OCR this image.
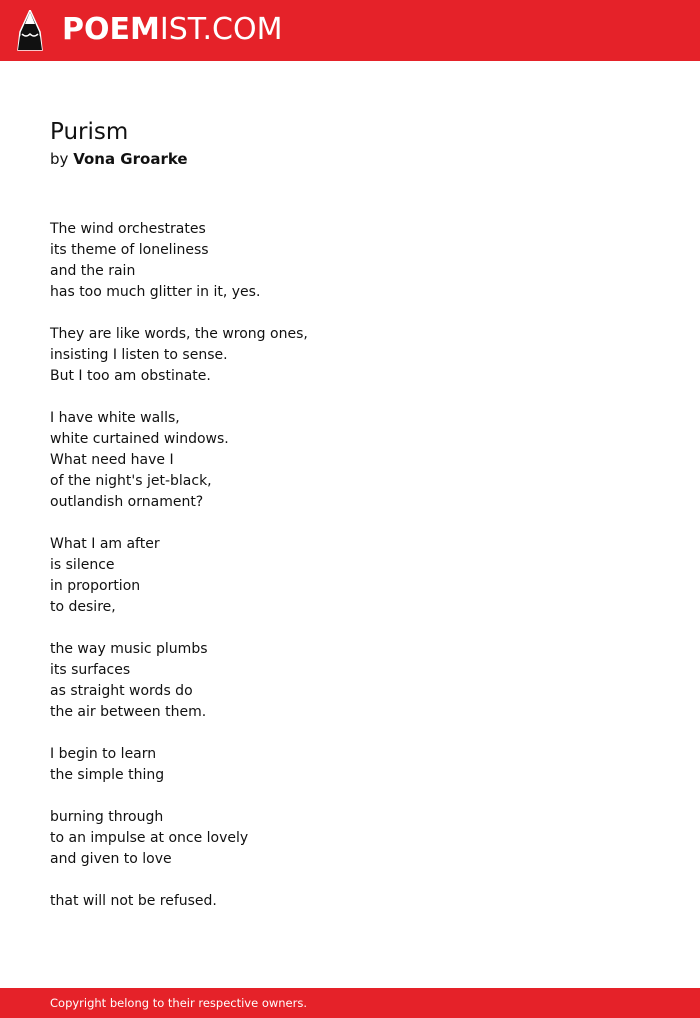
POEMIST.COM
Purism
by Vona Groarke
The wind orchestrates
its theme of loneliness
and the rain
has too much glitter in it, yes.
They are like words, the wrong ones,
insisting I listen to sense.
But I too am obstinate.
I have white walls,
white curtained windows.
What need have I
of the night's jet-black,
outlandish ornament?
What I am after
is silence
in proportion
to desire,
the way music plumbs
its surfaces
as straight words do
the air between them.
I begin to learn
the simple thing
burning through
to an impulse at once lovely
and given to love
that will not be refused.
Copyright belong to their respective owners.
